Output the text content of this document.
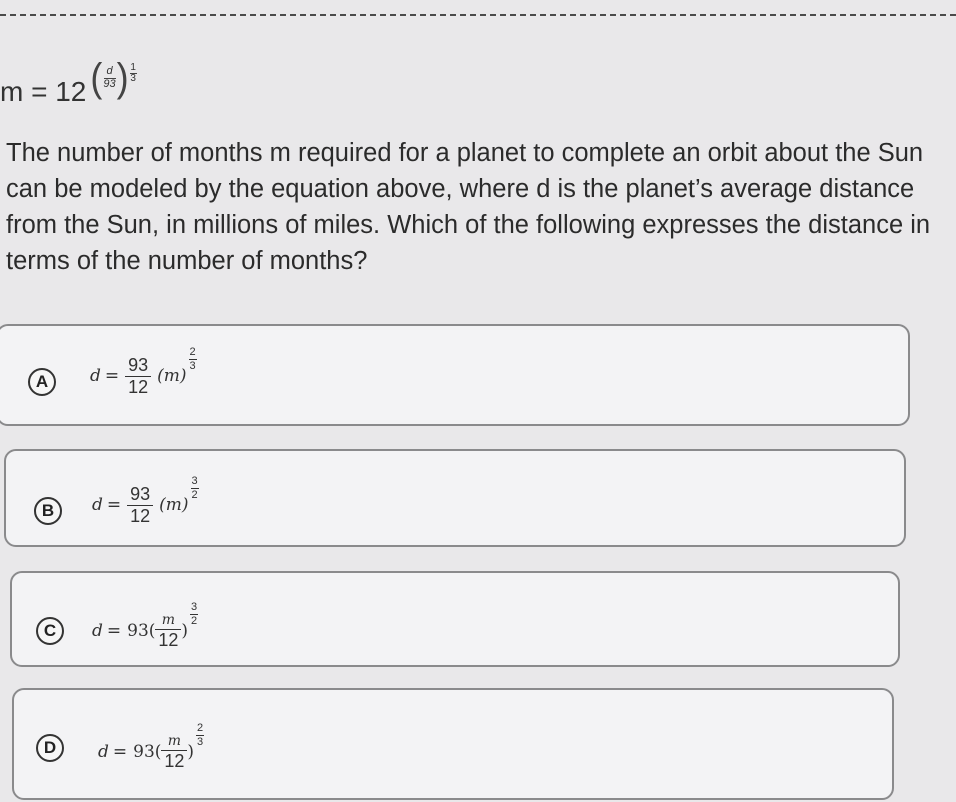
m = 12 ( $\frac{d}{93}$ ) $\frac{1}{3}$
The number of months m required for a planet to complete an orbit about the Sun can be modeled by the equation above, where d is the planet’s average distance from the Sun, in millions of miles. Which of the following expresses the distance in terms of the number of months?
A	$d = \frac{93}{12} (m)$
2
3
B	$d = \frac{93}{12} (m)$
3
2
C	$d = 93( \frac{m}{12}$ )
3
2
D	$d = 93( \frac{m}{12}$ )
2
3
